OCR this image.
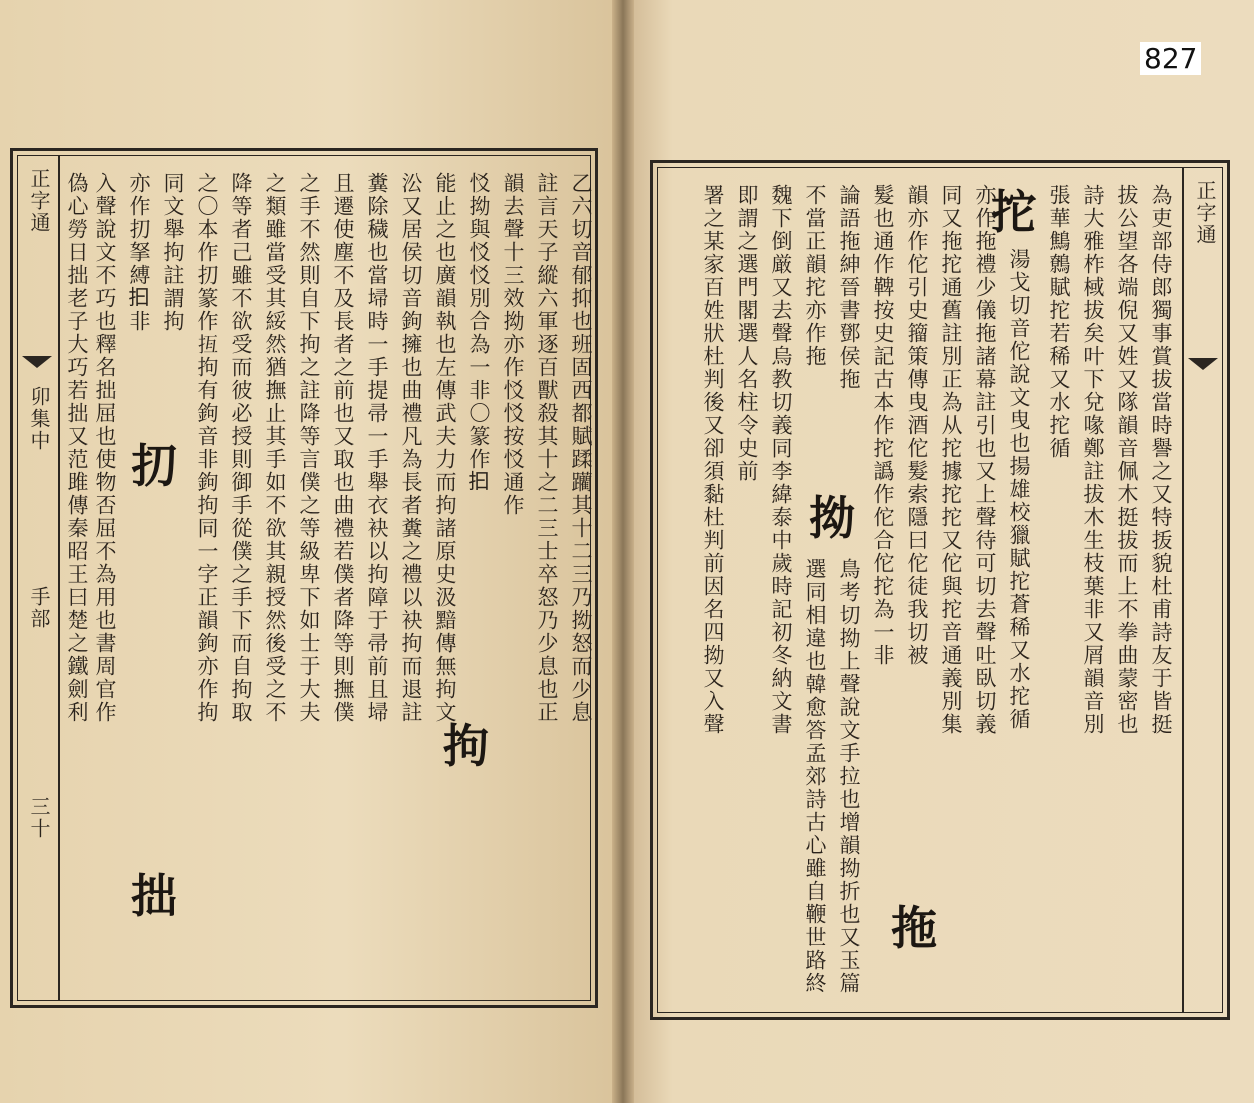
乙六切音郁抑也班固西都賦蹂躪其十二三乃拗怒而少息
註言天子縱六軍逐百獸殺其十之二三士卒怒乃少息也正
韻去聲十三效拗亦作㤊㤊按㤊通作
㤊拗與㤊㤊別合為一非〇篆作𢪏
拘
能止之也廣韻執也左傳武夫力而拘諸原史汲黯傳無拘文
㳂又居侯切音鉤擁也曲禮凡為長者糞之禮以袂拘而退註
糞除穢也當埽時一手提帚一手舉衣袂以拘障于帚前且埽
且遷使塵不及長者之前也又取也曲禮若僕者降等則撫僕
之手不然則自下拘之註降等言僕之等級卑下如士于大夫
之類雖當受其綏然猶撫止其手如不欲其親授然後受之不
降等者己雖不欲受而彼必授則御手從僕之手下而自拘取
之〇本作㧅篆作𢫮拘有鉤音非鉤拘同一字正韻鉤亦作拘
同文舉拘註謂拘
㧅
亦作㧅拏縛𢪏非
拙
入聲說文不巧也釋名拙屈也使物否屈不為用也書周官作
偽心勞日拙老子大巧若拙又范雎傳秦昭王曰楚之鐵劍利
正字通
卯集中
手部
三十
正字通
為吏部侍郎獨事賞拔當時譽之又特㧞貌杜甫詩友于皆挺
拔公望各端倪又姓又隊韻音佩木挺拔而上不拳曲蒙密也
詩大雅柞棫拔矣叶下兌喙鄭註拔木生枝葉非又屑韻音別
張華鷦鷯賦拕若稀又水拕循
拕
湯戈切音佗說文曳也揚雄校獵賦拕蒼稀又水拕循
亦作拖禮少儀拖諸幕註引也又上聲待可切去聲吐臥切義
同又拖拕通舊註別正為从拕據拕拕又佗與拕音通義別集
韻亦作佗引史籀策傳曳酒佗髮索隱曰佗徒我切被
拖
髮也通作鞞按史記古本作拕譌作佗合佗拕為一非
論語拖紳晉書鄧侯拖
拗
鳥考切拗上聲說文手拉也增韻拗折也又玉篇
不當正韻拕亦作拖
選同相違也韓愈答孟郊詩古心雖自鞭世路終
魏下倒厳又去聲烏教切義同李緯泰中歲時記初冬納文書
即謂之選門閣選人名柱令史前
署之某家百姓狀杜判後又卻須黏杜判前因名四拗又入聲
827
